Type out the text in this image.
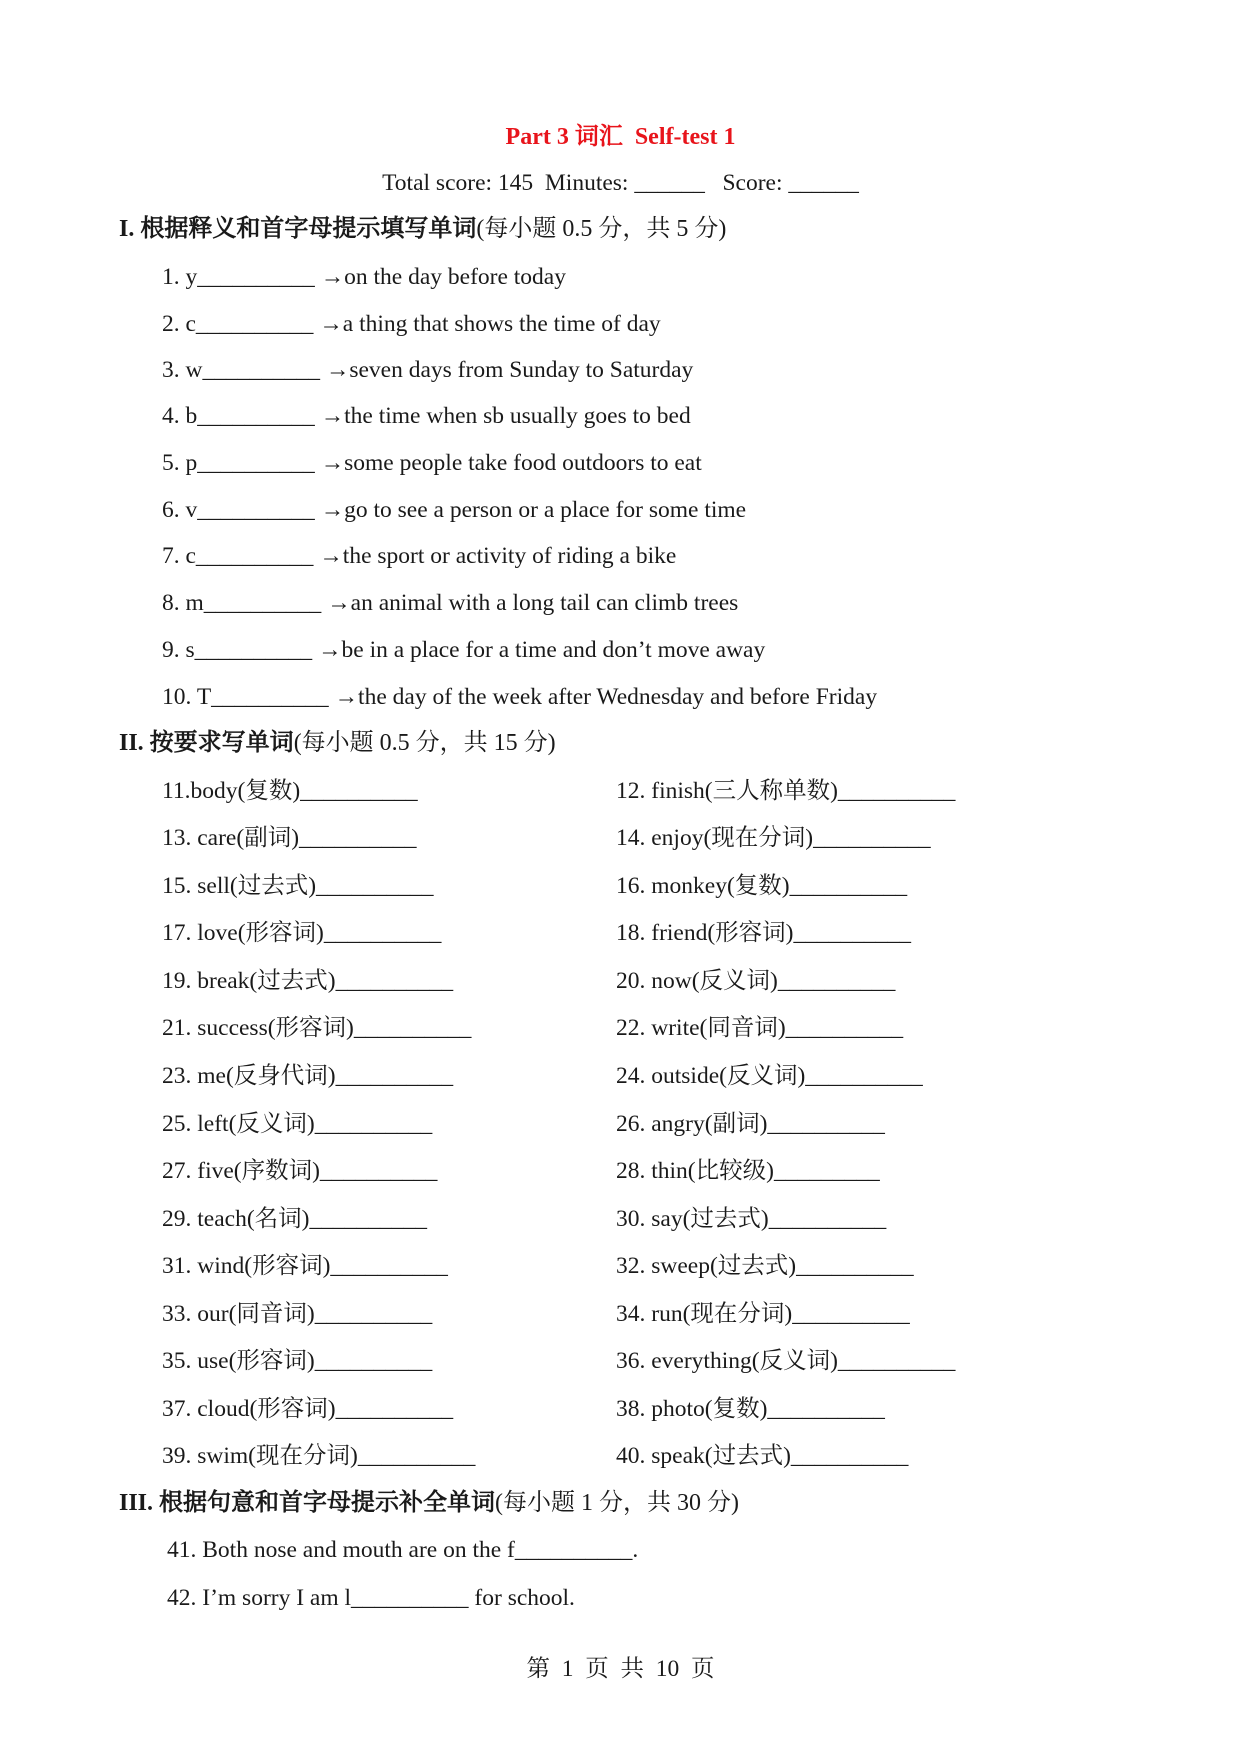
Part 3 词汇  Self-test 1
Total score: 145  Minutes: ______   Score: ______
I. 根据释义和首字母提示填写单词(每小题 0.5 分，共 5 分)
1. y__________ →on the day before today
2. c__________ →a thing that shows the time of day
3. w__________ →seven days from Sunday to Saturday
4. b__________ →the time when sb usually goes to bed
5. p__________ →some people take food outdoors to eat
6. v__________ →go to see a person or a place for some time
7. c__________ →the sport or activity of riding a bike
8. m__________ →an animal with a long tail can climb trees
9. s__________ →be in a place for a time and don’t move away
10. T__________ →the day of the week after Wednesday and before Friday
II. 按要求写单词(每小题 0.5 分，共 15 分)
11.body(复数)__________	12. finish(三人称单数)__________
13. care(副词)__________	14. enjoy(现在分词)__________
15. sell(过去式)__________	16. monkey(复数)__________
17. love(形容词)__________	18. friend(形容词)__________
19. break(过去式)__________	20. now(反义词)__________
21. success(形容词)__________	22. write(同音词)__________
23. me(反身代词)__________	24. outside(反义词)__________
25. left(反义词)__________	26. angry(副词)__________
27. five(序数词)__________	28. thin(比较级)_________
29. teach(名词)__________	30. say(过去式)__________
31. wind(形容词)__________	32. sweep(过去式)__________
33. our(同音词)__________	34. run(现在分词)__________
35. use(形容词)__________	36. everything(反义词)__________
37. cloud(形容词)__________	38. photo(复数)__________
39. swim(现在分词)__________	40. speak(过去式)__________
III. 根据句意和首字母提示补全单词(每小题 1 分，共 30 分)
41. Both nose and mouth are on the f__________.
42. I’m sorry I am l__________ for school.
第  1  页  共  10  页
